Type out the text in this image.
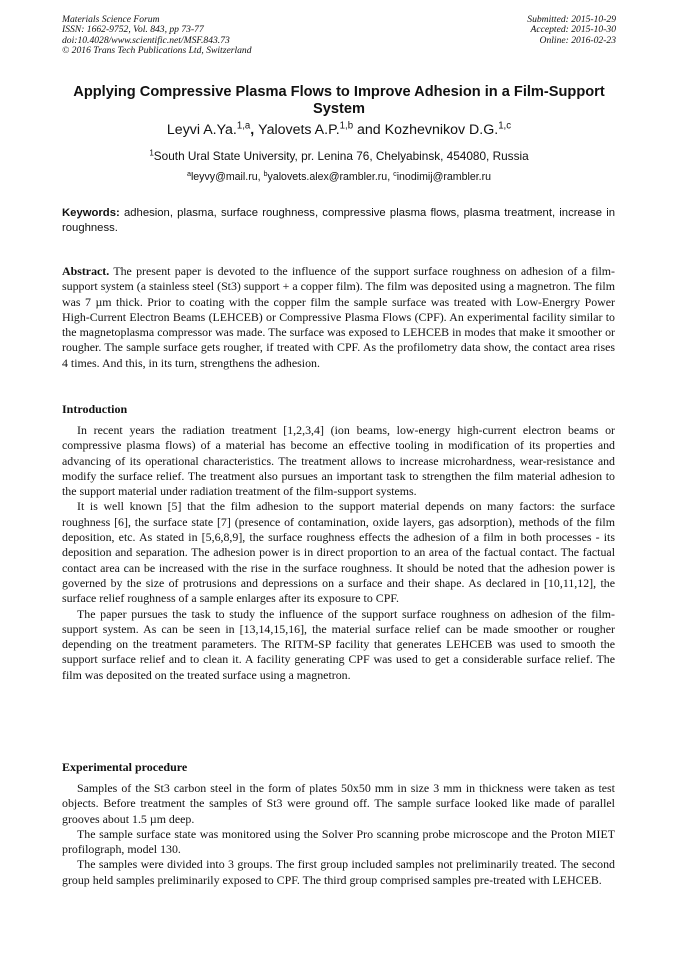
Materials Science Forum
ISSN: 1662-9752, Vol. 843, pp 73-77
doi:10.4028/www.scientific.net/MSF.843.73
© 2016 Trans Tech Publications Ltd, Switzerland
Submitted: 2015-10-29
Accepted: 2015-10-30
Online: 2016-02-23
Applying Compressive Plasma Flows to Improve Adhesion in a Film-Support System
Leyvi A.Ya.$^{1,a}$, Yalovets A.P.$^{1,b}$ and Kozhevnikov D.G.$^{1,c}$
$^1$South Ural State University, pr. Lenina 76, Chelyabinsk, 454080, Russia
$^a$leyvy@mail.ru, $^b$yalovets.alex@rambler.ru, $^c$inodimij@rambler.ru
Keywords: adhesion, plasma, surface roughness, compressive plasma flows, plasma treatment, increase in roughness.

Abstract. The present paper is devoted to the influence of the support surface roughness on adhesion of a film-support system (a stainless steel (St3) support + a copper film). The film was deposited using a magnetron. The film was 7 µm thick. Prior to coating with the copper film the sample surface was treated with Low-Energry Power High-Current Electron Beams (LEHCEB) or Compressive Plasma Flows (CPF). An experimental facility similar to the magnetoplasma compressor was made. The surface was exposed to LEHCEB in modes that make it smoother or rougher. The sample surface gets rougher, if treated with CPF. As the profilometry data show, the contact area rises 4 times. And this, in its turn, strengthens the adhesion.

Introduction

In recent years the radiation treatment [1,2,3,4] (ion beams, low-energy high-current electron beams or compressive plasma flows) of a material has become an effective tooling in modification of its properties and advancing of its operational characteristics. The treatment allows to increase microhardness, wear-resistance and modify the surface relief. The treatment also pursues an important task to strengthen the film material adhesion to the support material under radiation treatment of the film-support systems.

It is well known [5] that the film adhesion to the support material depends on many factors: the surface roughness [6], the surface state [7] (presence of contamination, oxide layers, gas adsorption), methods of the film deposition, etc. As stated in [5,6,8,9], the surface roughness effects the adhesion of a film in both processes - its deposition and separation. The adhesion power is in direct proportion to an area of the factual contact. The factual contact area can be increased with the rise in the surface roughness. It should be noted that the adhesion power is governed by the size of protrusions and depressions on a surface and their shape. As declared in [10,11,12], the surface relief roughness of a sample enlarges after its exposure to CPF.

The paper pursues the task to study the influence of the support surface roughness on adhesion of the film-support system. As can be seen in [13,14,15,16], the material surface relief can be made smoother or rougher depending on the treatment parameters. The RITM-SP facility that generates LEHCEB was used to smooth the support surface relief and to clean it. A facility generating CPF was used to get a considerable surface relief. The film was deposited on the treated surface using a magnetron.

Experimental procedure

Samples of the St3 carbon steel in the form of plates 50x50 mm in size 3 mm in thickness were taken as test objects. Before treatment the samples of St3 were ground off. The sample surface looked like made of parallel grooves about 1.5 µm deep.

The sample surface state was monitored using the Solver Pro scanning probe microscope and the Proton MIET profilograph, model 130.

The samples were divided into 3 groups. The first group included samples not preliminarily treated. The second group held samples preliminarily exposed to CPF. The third group comprised samples pre-treated with LEHCEB.
